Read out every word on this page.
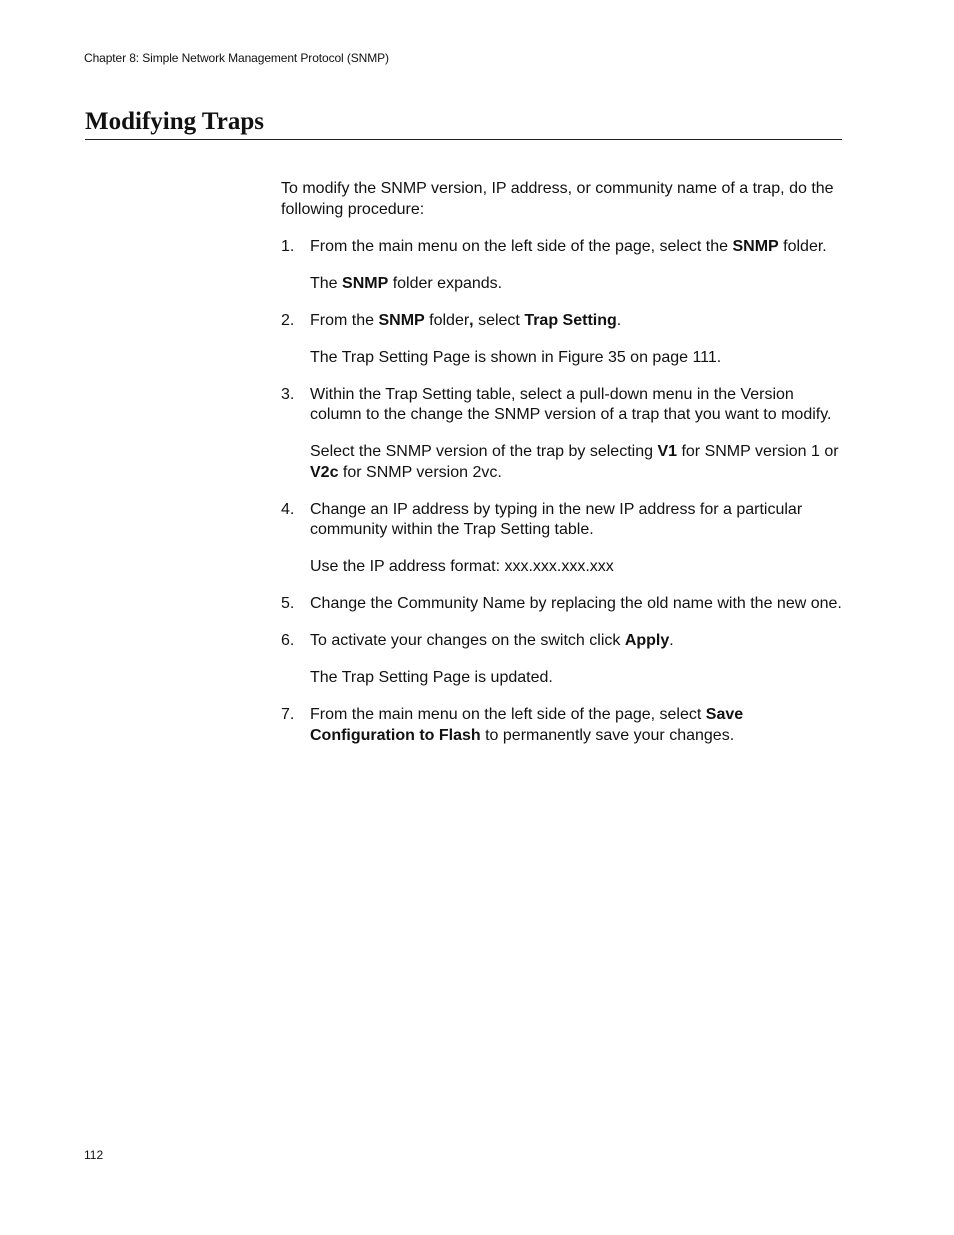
Chapter 8: Simple Network Management Protocol (SNMP)
Modifying Traps

To modify the SNMP version, IP address, or community name of a trap, do the following procedure:

1. From the main menu on the left side of the page, select the SNMP folder.

The SNMP folder expands.

2. From the SNMP folder, select Trap Setting.

The Trap Setting Page is shown in Figure 35 on page 111.

3. Within the Trap Setting table, select a pull-down menu in the Version column to the change the SNMP version of a trap that you want to modify.

Select the SNMP version of the trap by selecting V1 for SNMP version 1 or V2c for SNMP version 2vc.

4. Change an IP address by typing in the new IP address for a particular community within the Trap Setting table.

Use the IP address format: xxx.xxx.xxx.xxx

5. Change the Community Name by replacing the old name with the new one.

6. To activate your changes on the switch click Apply.

The Trap Setting Page is updated.

7. From the main menu on the left side of the page, select Save Configuration to Flash to permanently save your changes.

112
